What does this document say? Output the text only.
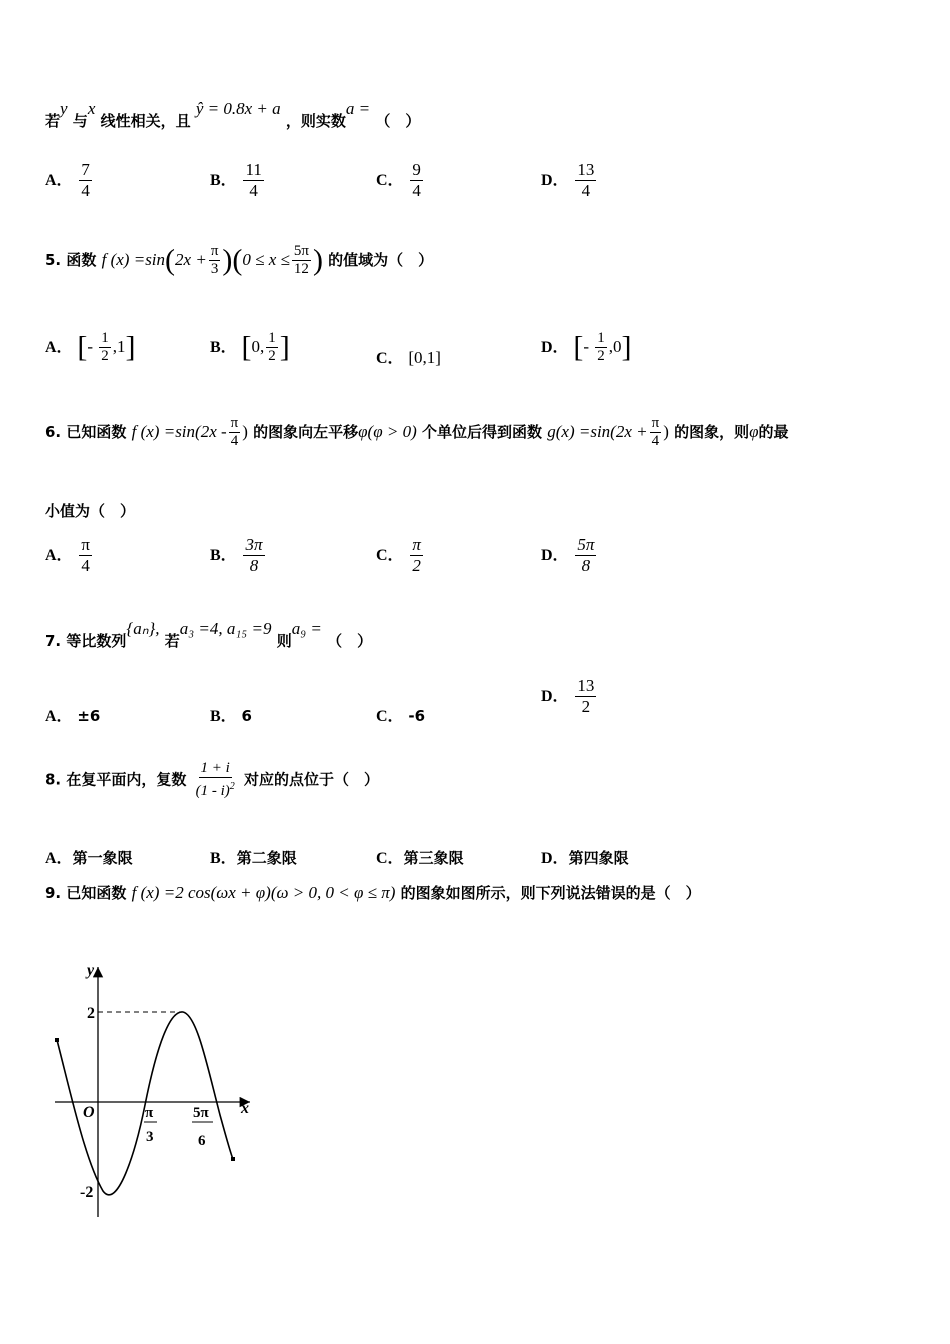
若y 与x 线性相关，且 ŷ = 0.8x + a ，则实数a = （　）
A． $\frac{7}{4}$	B． $\frac{11}{4}$	C． $\frac{9}{4}$	D． $\frac{13}{4}$
5. 函数 f $(x) =\sin(2x + \frac{\pi}{3} )(0 \le x \le \frac{5\pi}{12}$ ) 的值域为（　）
A． [- $\frac{1}{2} ,1$]	B． [0, $\frac{1}{2}$ ]	C． [0,1]
D． [- $\frac{1}{2} ,0$]
6. 已知函数 f $(x) =\sin(2x - \frac{\pi}{4}$ ) 的图象向左平移φ(φ > 0) 个单位后得到函数 $g(x) =\sin(2x + \frac{\pi}{4}$ ) 的图象，则φ的最
小值为（　）
A． $\frac{\pi}{4}$	B． $\frac{3\pi}{8}$	C． $\frac{\pi}{2}$	D． $\frac{5\pi}{8}$
7. 等比数列{aₙ}, 若a₃ =4, a₁₅ =9 则a₉ = （　）
A． ±6	B． 6	C． -6
D． $\frac{13}{2}$
8. 在复平面内，复数 $\frac{1 + i}{(1 - i)^2}$ 对应的点位于（　）
A．第一象限	B．第二象限	C．第三象限	D．第四象限
9. 已知函数 f (x) =2 cos(ωx + φ)(ω > 0, 0 < φ ≤ π) 的图象如图所示，则下列说法错误的是（　）
y
x
O
2
-2
π
3
5π
6
